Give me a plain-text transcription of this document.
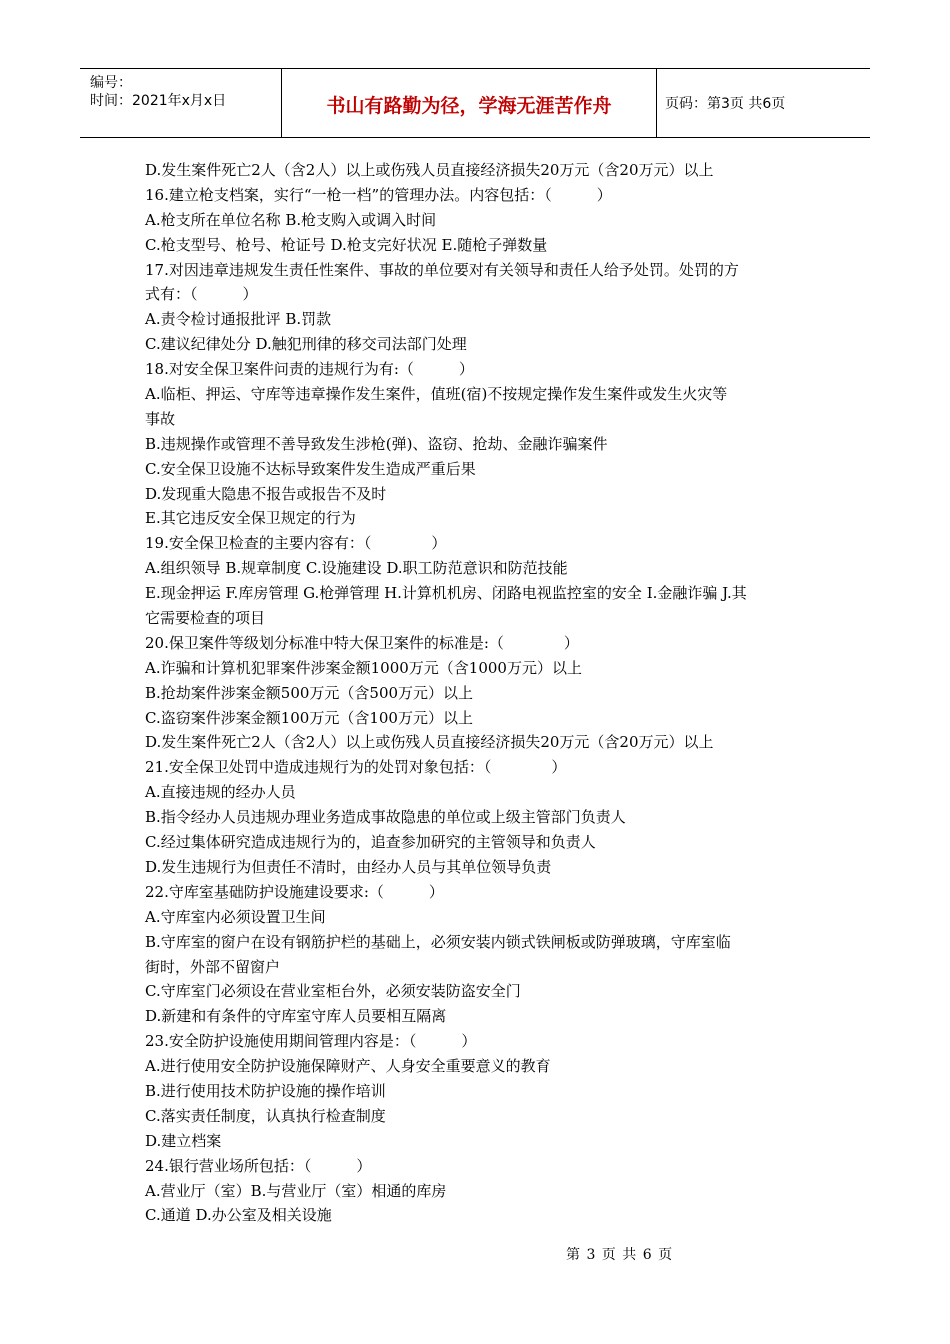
编号：
时间：2021年x月x日	书山有路勤为径，学海无涯苦作舟	页码：第3页 共6页
D.发生案件死亡2人（含2人）以上或伤残人员直接经济损失20万元（含20万元）以上
16.建立枪支档案，实行“一枪一档”的管理办法。内容包括：（　　　）
A.枪支所在单位名称 B.枪支购入或调入时间
C.枪支型号、枪号、枪证号 D.枪支完好状况 E.随枪子弹数量
17.对因违章违规发生责任性案件、事故的单位要对有关领导和责任人给予处罚。处罚的方
式有：（　　　）
A.责令检讨通报批评 B.罚款
C.建议纪律处分 D.触犯刑律的移交司法部门处理
18.对安全保卫案件问责的违规行为有:（　　　）
A.临柜、押运、守库等违章操作发生案件，值班(宿)不按规定操作发生案件或发生火灾等
事故
B.违规操作或管理不善导致发生涉枪(弹)、盗窃、抢劫、金融诈骗案件
C.安全保卫设施不达标导致案件发生造成严重后果
D.发现重大隐患不报告或报告不及时
E.其它违反安全保卫规定的行为
19.安全保卫检查的主要内容有：（　　　　）
A.组织领导 B.规章制度 C.设施建设 D.职工防范意识和防范技能
E.现金押运 F.库房管理 G.枪弹管理 H.计算机机房、闭路电视监控室的安全 I.金融诈骗 J.其
它需要检查的项目
20.保卫案件等级划分标准中特大保卫案件的标准是:（　　　　）
A.诈骗和计算机犯罪案件涉案金额1000万元（含1000万元）以上
B.抢劫案件涉案金额500万元（含500万元）以上
C.盗窃案件涉案金额100万元（含100万元）以上
D.发生案件死亡2人（含2人）以上或伤残人员直接经济损失20万元（含20万元）以上
21.安全保卫处罚中造成违规行为的处罚对象包括：（　　　　）
A.直接违规的经办人员
B.指令经办人员违规办理业务造成事故隐患的单位或上级主管部门负责人
C.经过集体研究造成违规行为的，追查参加研究的主管领导和负责人
D.发生违规行为但责任不清时，由经办人员与其单位领导负责
22.守库室基础防护设施建设要求:（　　　）
A.守库室内必须设置卫生间
B.守库室的窗户在设有钢筋护栏的基础上，必须安装内锁式铁闸板或防弹玻璃，守库室临
街时，外部不留窗户
C.守库室门必须设在营业室柜台外，必须安装防盗安全门
D.新建和有条件的守库室守库人员要相互隔离
23.安全防护设施使用期间管理内容是：（　　　）
A.进行使用安全防护设施保障财产、人身安全重要意义的教育
B.进行使用技术防护设施的操作培训
C.落实责任制度，认真执行检查制度
D.建立档案
24.银行营业场所包括：（　　　）
A.营业厅（室）B.与营业厅（室）相通的库房
C.通道 D.办公室及相关设施
第 3 页 共 6 页
